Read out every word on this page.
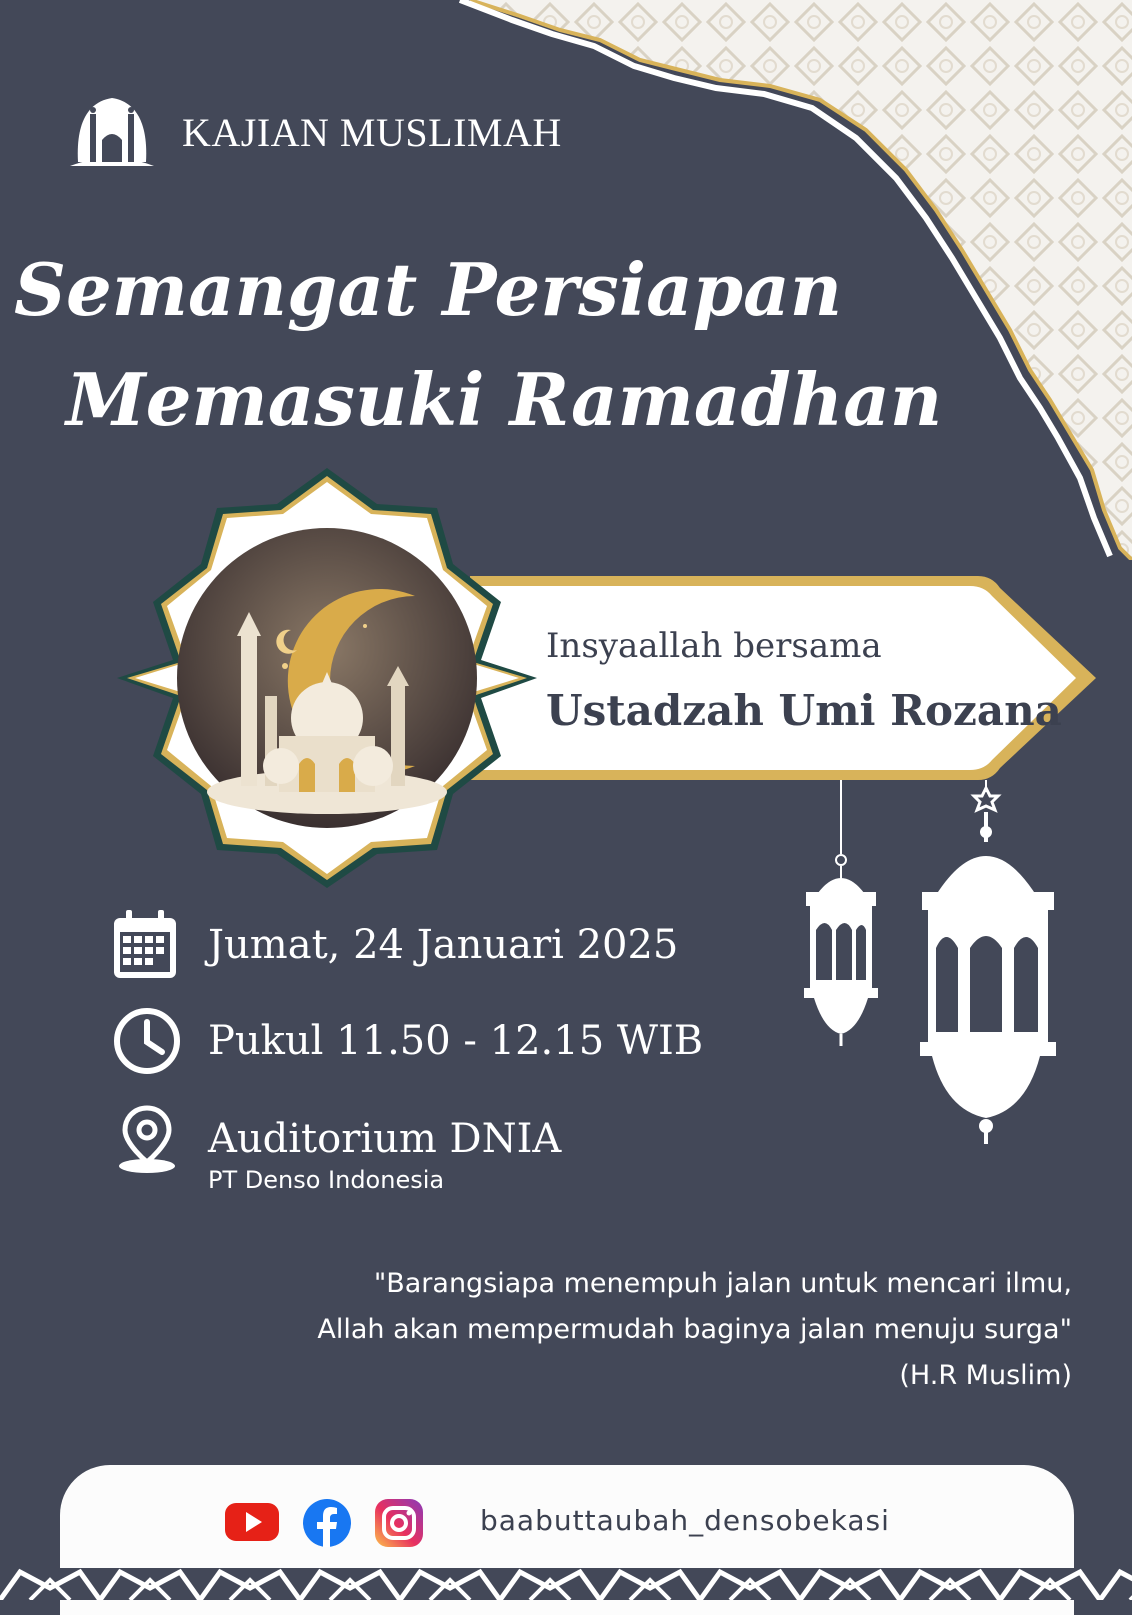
KAJIAN MUSLIMAH
Semangat Persiapan
Memasuki Ramadhan
Insyaallah bersama
Ustadzah Umi Rozana
Jumat, 24 Januari 2025
Pukul 11.50 - 12.15 WIB
Auditorium DNIA
PT Denso Indonesia
"Barangsiapa menempuh jalan untuk mencari ilmu,
Allah akan mempermudah baginya jalan menuju surga"
(H.R Muslim)
baabuttaubah_densobekasi
